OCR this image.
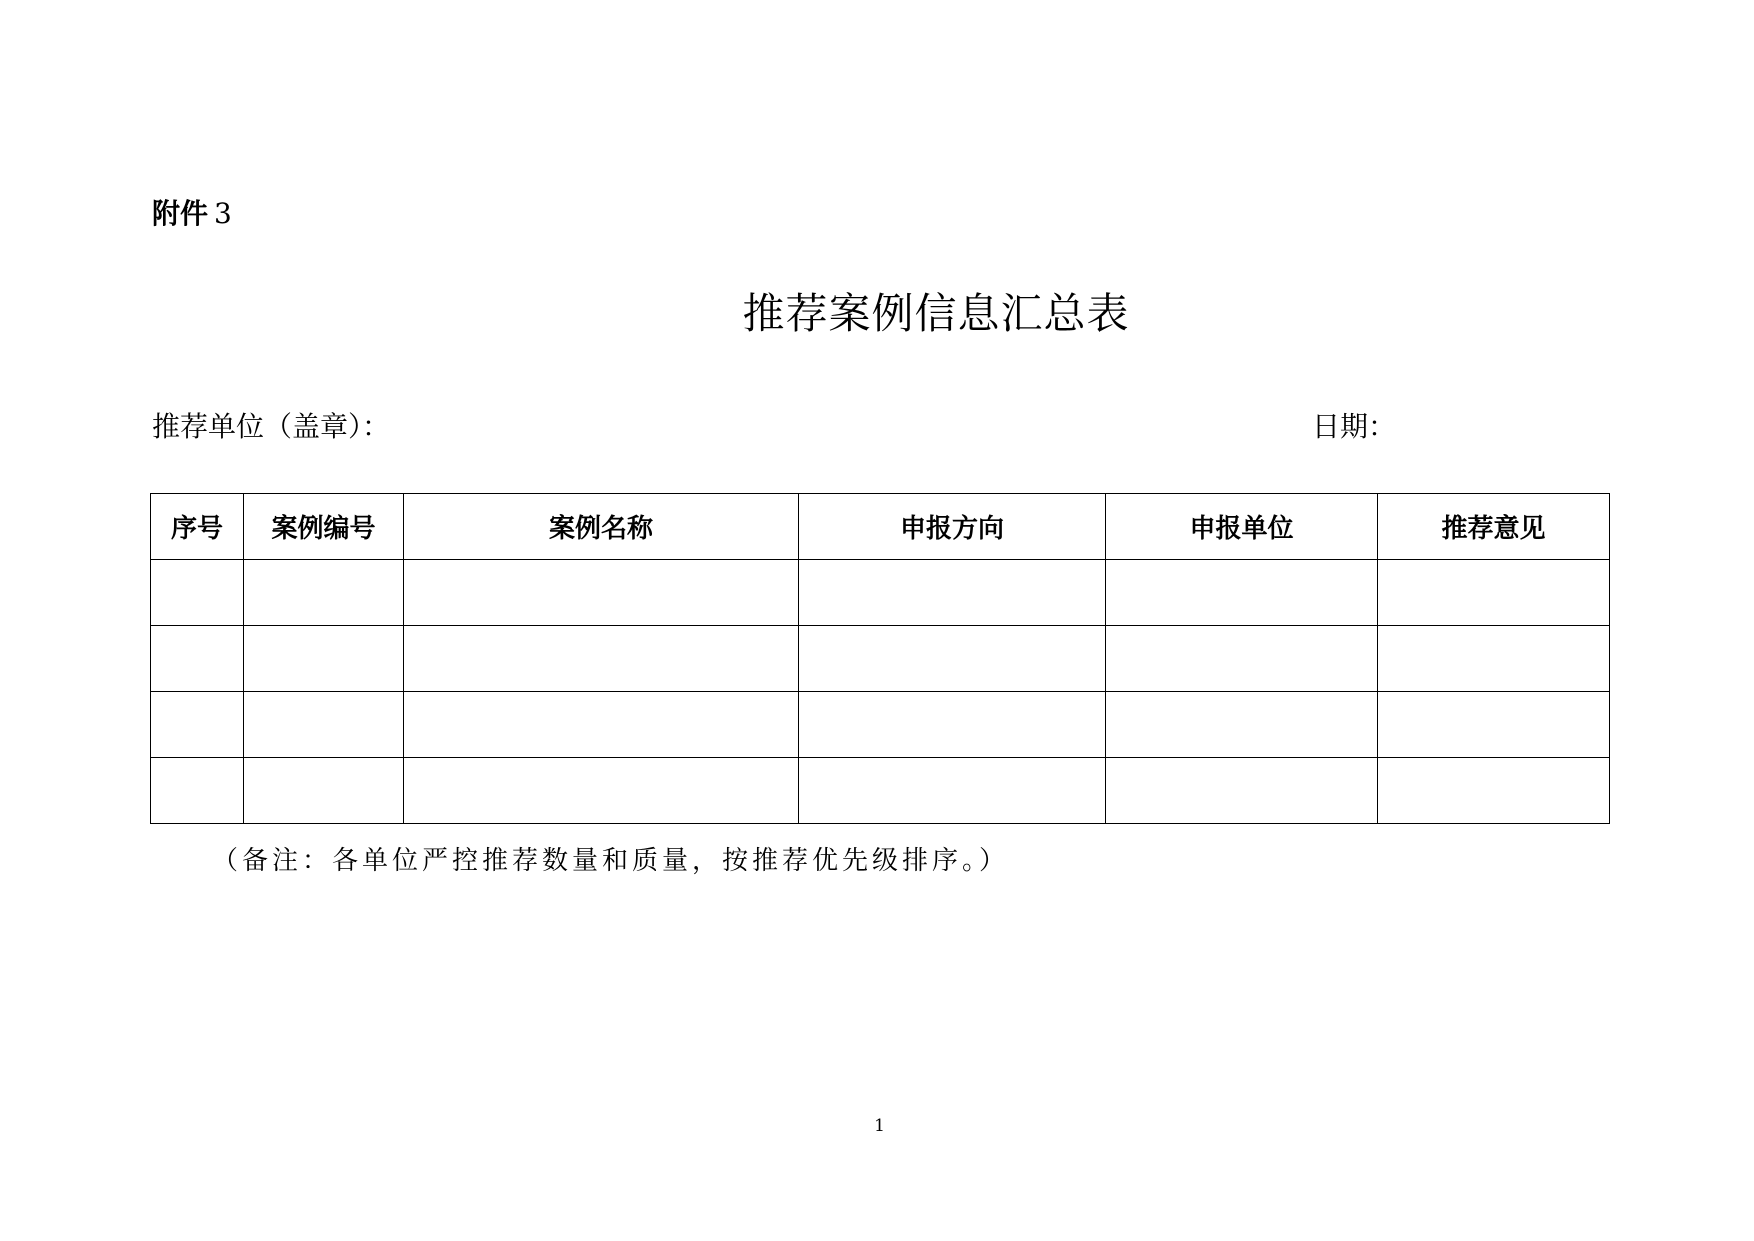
附件 3
推荐案例信息汇总表
推荐单位（盖章）：	日期：
序号	案例编号	案例名称	申报方向	申报单位	推荐意见

（备注：各单位严控推荐数量和质量，按推荐优先级排序。）
1
